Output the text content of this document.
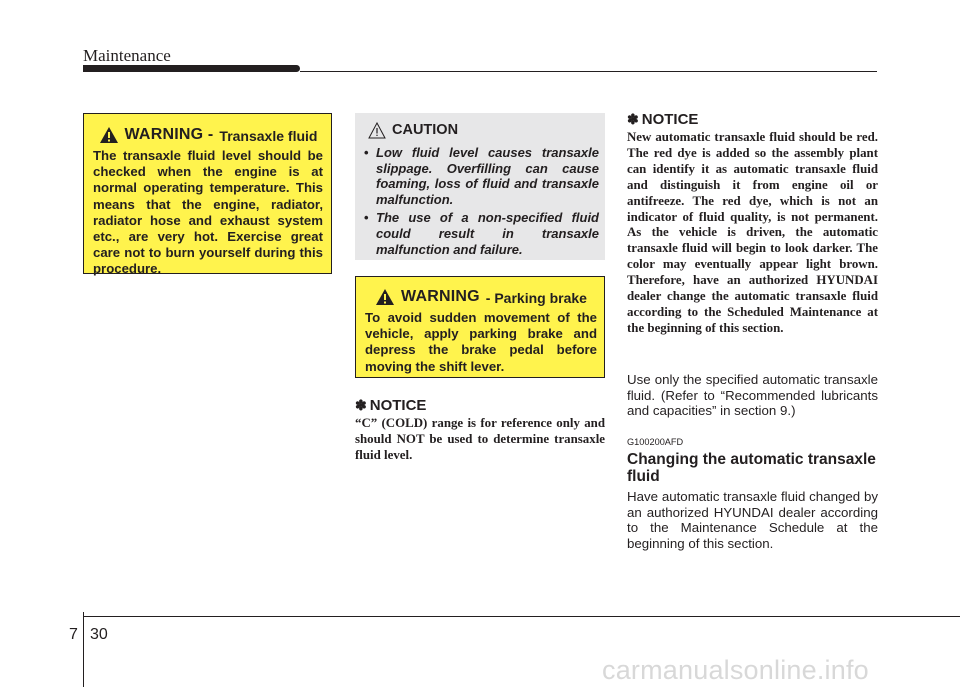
Maintenance
WARNING - Transaxle fluid
The transaxle fluid level should be checked when the engine is at normal operating temperature. This means that the engine, radiator, radiator hose and exhaust system etc., are very hot. Exercise great care not to burn yourself during this procedure.
CAUTION
• Low fluid level causes transaxle slippage. Overfilling can cause foaming, loss of fluid and transaxle malfunction.
• The use of a non-specified fluid could result in transaxle malfunction and failure.
WARNING - Parking brake
To avoid sudden movement of the vehicle, apply parking brake and depress the brake pedal before moving the shift lever.
✽ NOTICE
“C” (COLD) range is for reference only and should NOT be used to determine transaxle fluid level.
✽ NOTICE
New automatic transaxle fluid should be red. The red dye is added so the assembly plant can identify it as automatic transaxle fluid and distinguish it from engine oil or antifreeze. The red dye, which is not an indicator of fluid quality, is not permanent. As the vehicle is driven, the automatic transaxle fluid will begin to look darker. The color may eventually appear light brown. Therefore, have an authorized HYUNDAI dealer change the automatic transaxle fluid according to the Scheduled Maintenance at the beginning of this section.
Use only the specified automatic transaxle fluid. (Refer to “Recommended lubricants and capacities” in section 9.)
G100200AFD
Changing the automatic transaxle fluid
Have automatic transaxle fluid changed by an authorized HYUNDAI dealer according to the Maintenance Schedule at the beginning of this section.
7 30
carmanualsonline.info
